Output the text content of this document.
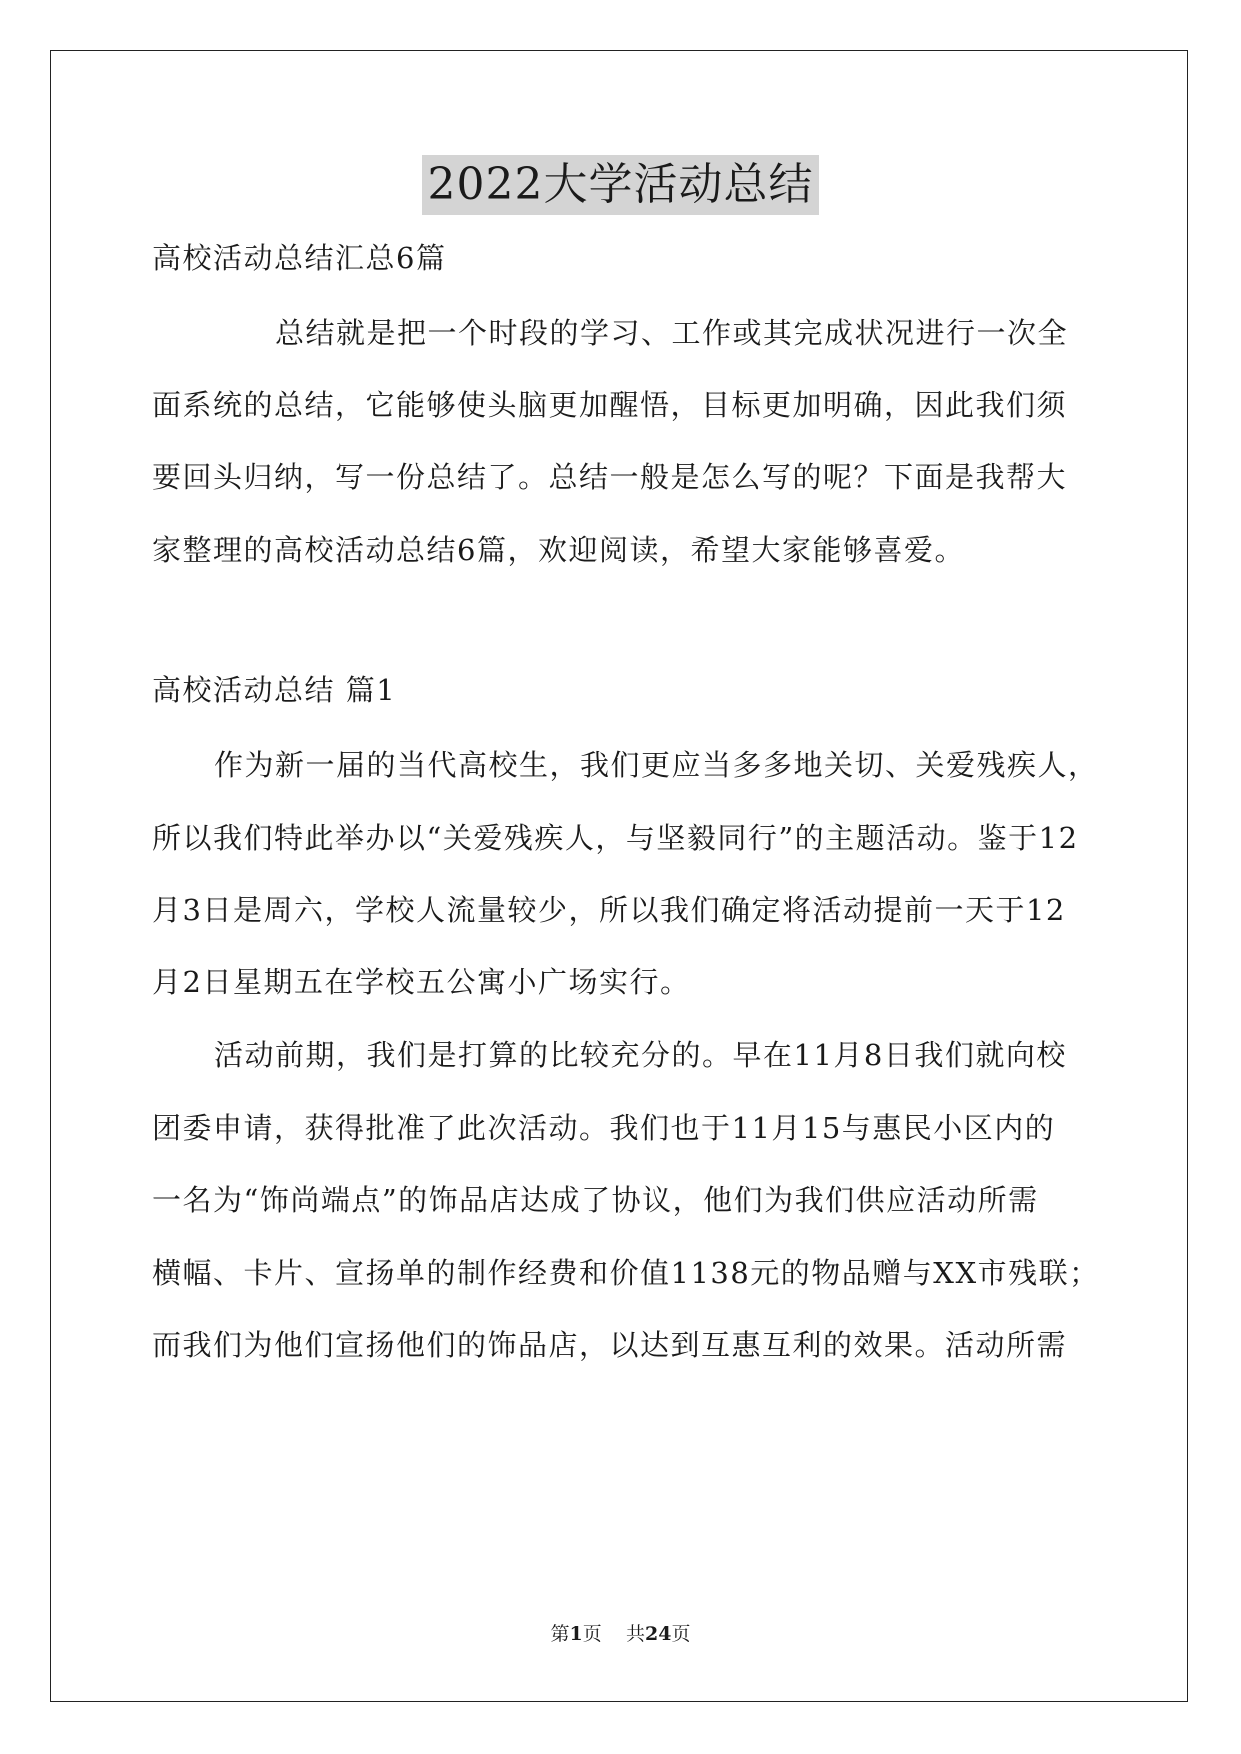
2022大学活动总结
高校活动总结汇总6篇
总结就是把一个时段的学习、工作或其完成状况进行一次全
面系统的总结，它能够使头脑更加醒悟，目标更加明确，因此我们须
要回头归纳，写一份总结了。总结一般是怎么写的呢？下面是我帮大
家整理的高校活动总结6篇，欢迎阅读，希望大家能够喜爱。
高校活动总结 篇1
作为新一届的当代高校生，我们更应当多多地关切、关爱残疾人，
所以我们特此举办以“关爱残疾人，与坚毅同行”的主题活动。鉴于12
月3日是周六，学校人流量较少，所以我们确定将活动提前一天于12
月2日星期五在学校五公寓小广场实行。
活动前期，我们是打算的比较充分的。早在11月8日我们就向校
团委申请，获得批准了此次活动。我们也于11月15与惠民小区内的
一名为“饰尚端点”的饰品店达成了协议，他们为我们供应活动所需
横幅、卡片、宣扬单的制作经费和价值1138元的物品赠与XX市残联；
而我们为他们宣扬他们的饰品店，以达到互惠互利的效果。活动所需
第1页 共24页
